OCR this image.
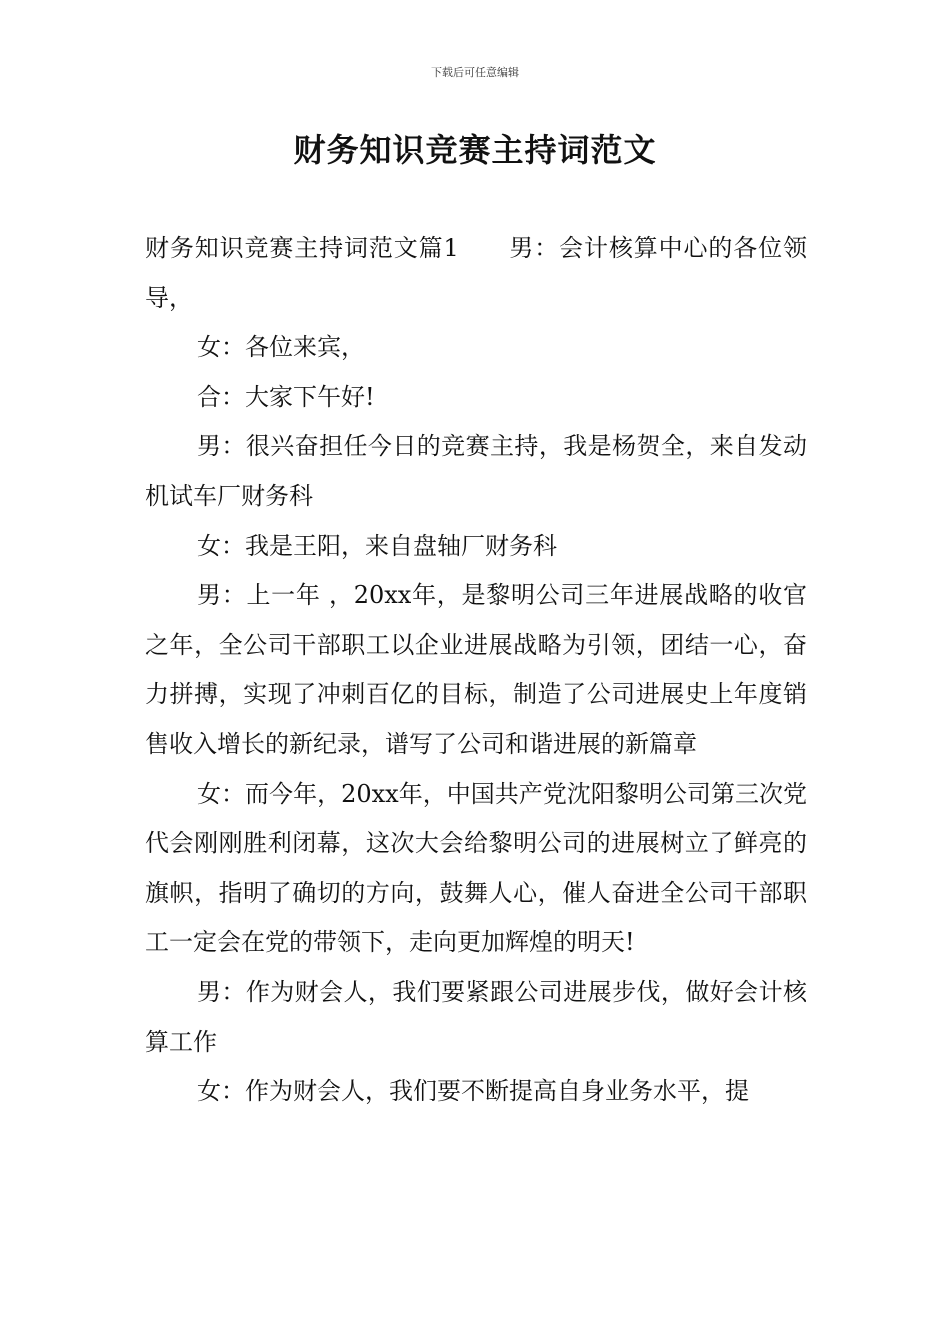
下载后可任意编辑
财务知识竞赛主持词范文

财务知识竞赛主持词范文篇1　　男：会计核算中心的各位领导，

女：各位来宾，

合：大家下午好!

男：很兴奋担任今日的竞赛主持，我是杨贺全，来自发动机试车厂财务科

女：我是王阳，来自盘轴厂财务科

男：上一年 ，20xx年，是黎明公司三年进展战略的收官之年，全公司干部职工以企业进展战略为引领，团结一心，奋力拼搏，实现了冲刺百亿的目标，制造了公司进展史上年度销售收入增长的新纪录，谱写了公司和谐进展的新篇章

女：而今年，20xx年，中国共产党沈阳黎明公司第三次党代会刚刚胜利闭幕，这次大会给黎明公司的进展树立了鲜亮的旗帜，指明了确切的方向，鼓舞人心，催人奋进全公司干部职工一定会在党的带领下，走向更加辉煌的明天!

男：作为财会人，我们要紧跟公司进展步伐，做好会计核算工作

女：作为财会人，我们要不断提高自身业务水平，提
